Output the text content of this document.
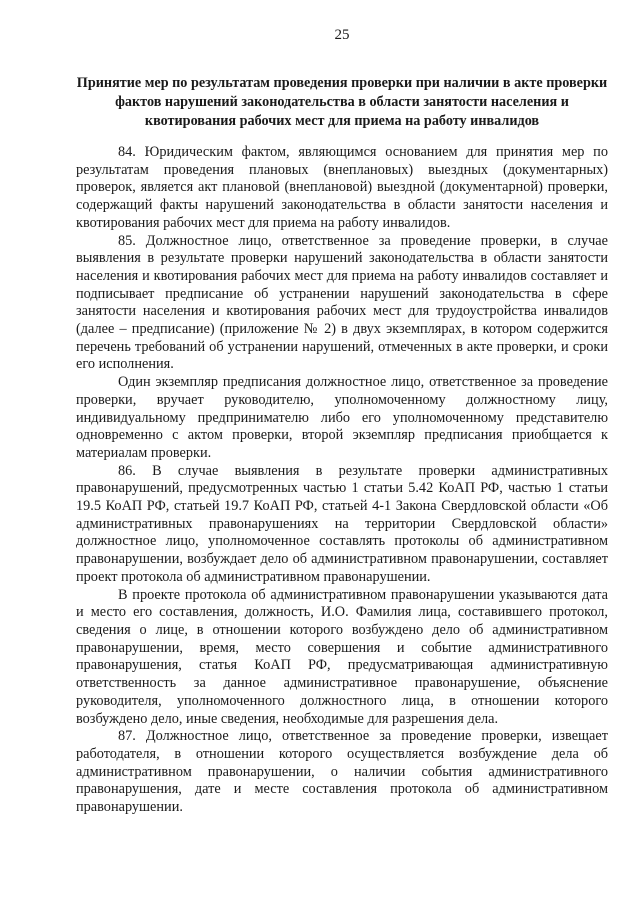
25
Принятие мер по результатам проведения проверки при наличии в акте проверки фактов нарушений законодательства в области занятости населения и квотирования рабочих мест для приема на работу инвалидов

84. Юридическим фактом, являющимся основанием для принятия мер по результатам проведения плановых (внеплановых) выездных (документарных) проверок, является акт плановой (внеплановой) выездной (документарной) проверки, содержащий факты нарушений законодательства в области занятости населения и квотирования рабочих мест для приема на работу инвалидов.

85. Должностное лицо, ответственное за проведение проверки, в случае выявления в результате проверки нарушений законодательства в области занятости населения и квотирования рабочих мест для приема на работу инвалидов составляет и подписывает предписание об устранении нарушений законодательства в сфере занятости населения и квотирования рабочих мест для трудоустройства инвалидов (далее – предписание) (приложение № 2) в двух экземплярах, в котором содержится перечень требований об устранении нарушений, отмеченных в акте проверки, и сроки его исполнения.

Один экземпляр предписания должностное лицо, ответственное за проведение проверки, вручает руководителю, уполномоченному должностному лицу, индивидуальному предпринимателю либо его уполномоченному представителю одновременно с актом проверки, второй экземпляр предписания приобщается к материалам проверки.

86. В случае выявления в результате проверки административных правонарушений, предусмотренных частью 1 статьи 5.42 КоАП РФ, частью 1 статьи 19.5 КоАП РФ, статьей 19.7 КоАП РФ, статьей 4-1 Закона Свердловской области «Об административных правонарушениях на территории Свердловской области» должностное лицо, уполномоченное составлять протоколы об административном правонарушении, возбуждает дело об административном правонарушении, составляет проект протокола об административном правонарушении.

В проекте протокола об административном правонарушении указываются дата и место его составления, должность, И.О. Фамилия лица, составившего протокол, сведения о лице, в отношении которого возбуждено дело об административном правонарушении, время, место совершения и событие административного правонарушения, статья КоАП РФ, предусматривающая административную ответственность за данное административное правонарушение, объяснение руководителя, уполномоченного должностного лица, в отношении которого возбуждено дело, иные сведения, необходимые для разрешения дела.

87. Должностное лицо, ответственное за проведение проверки, извещает работодателя, в отношении которого осуществляется возбуждение дела об административном правонарушении, о наличии события административного правонарушения, дате и месте составления протокола об административном правонарушении.
